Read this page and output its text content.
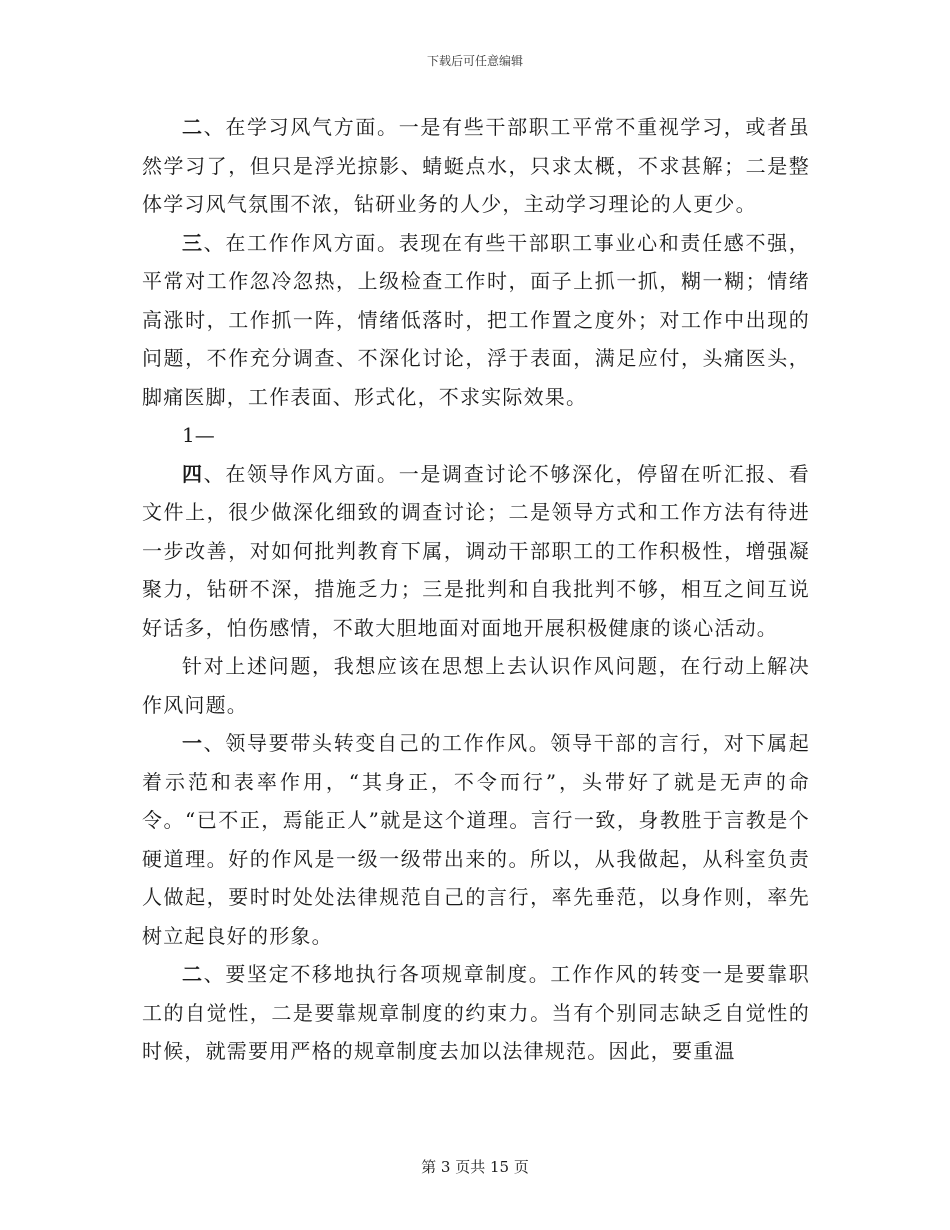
下载后可任意编辑

二、在学习风气方面。一是有些干部职工平常不重视学习，或者虽然学习了，但只是浮光掠影、蜻蜓点水，只求太概，不求甚解；二是整体学习风气氛围不浓，钻研业务的人少，主动学习理论的人更少。

三、在工作作风方面。表现在有些干部职工事业心和责任感不强，平常对工作忽冷忽热，上级检查工作时，面子上抓一抓，糊一糊；情绪高涨时，工作抓一阵，情绪低落时，把工作置之度外；对工作中出现的问题，不作充分调查、不深化讨论，浮于表面，满足应付，头痛医头，脚痛医脚，工作表面、形式化，不求实际效果。

1—

四、在领导作风方面。一是调查讨论不够深化，停留在听汇报、看文件上，很少做深化细致的调查讨论；二是领导方式和工作方法有待进一步改善，对如何批判教育下属，调动干部职工的工作积极性，增强凝聚力，钻研不深，措施乏力；三是批判和自我批判不够，相互之间互说好话多，怕伤感情，不敢大胆地面对面地开展积极健康的谈心活动。

针对上述问题，我想应该在思想上去认识作风问题，在行动上解决作风问题。

一、领导要带头转变自己的工作作风。领导干部的言行，对下属起着示范和表率作用，“其身正，不令而行”，头带好了就是无声的命令。“已不正，焉能正人”就是这个道理。言行一致，身教胜于言教是个硬道理。好的作风是一级一级带出来的。所以，从我做起，从科室负责人做起，要时时处处法律规范自己的言行，率先垂范，以身作则，率先树立起良好的形象。

二、要坚定不移地执行各项规章制度。工作作风的转变一是要靠职工的自觉性，二是要靠规章制度的约束力。当有个别同志缺乏自觉性的时候，就需要用严格的规章制度去加以法律规范。因此，要重温

第 3 页共 15 页
